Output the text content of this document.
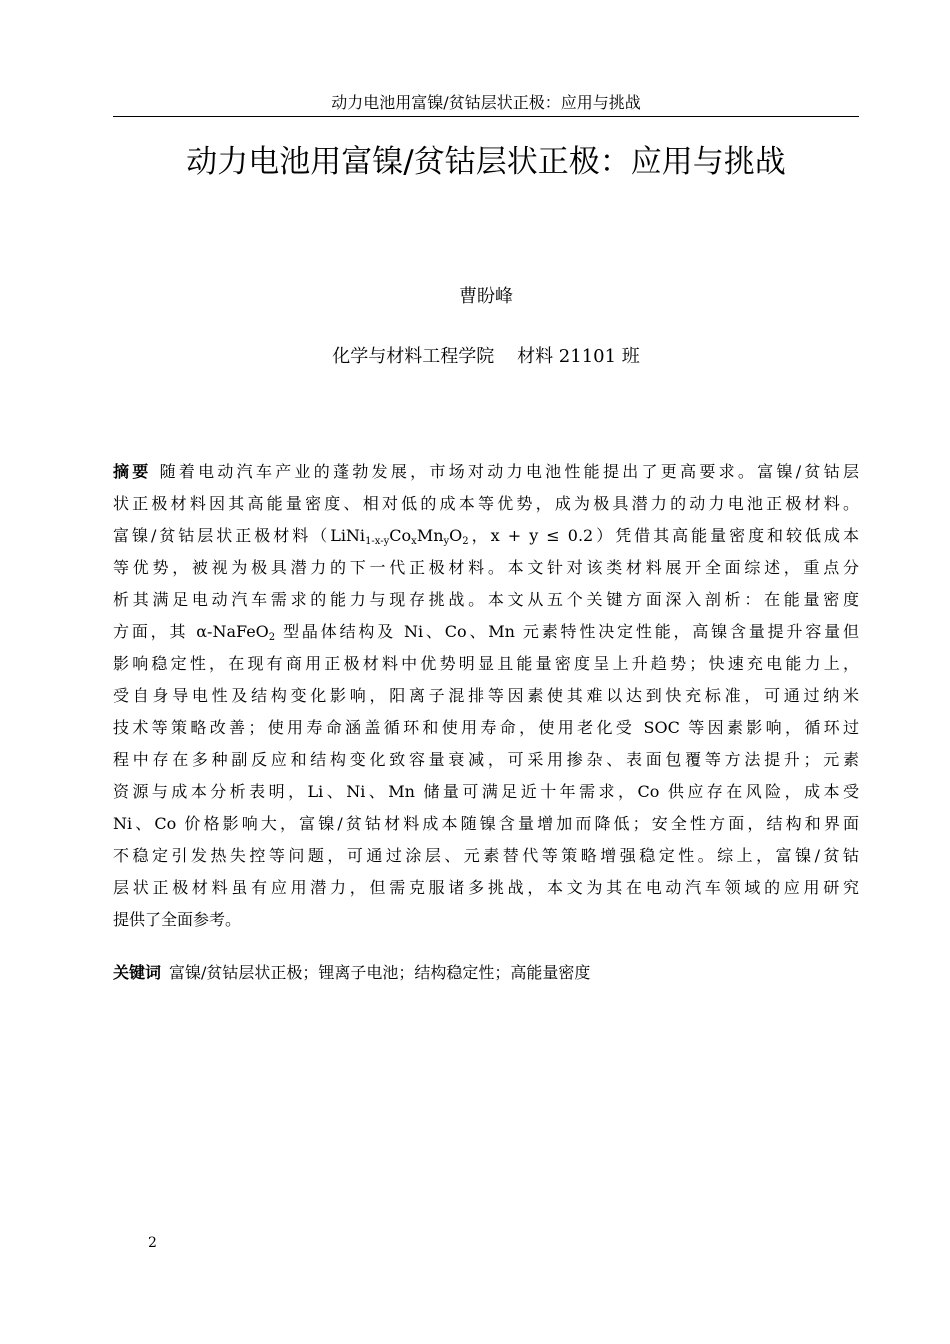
动力电池用富镍/贫钴层状正极：应用与挑战
动力电池用富镍/贫钴层状正极：应用与挑战
曹盼峰
化学与材料工程学院    材料 21101 班
摘要 随着电动汽车产业的蓬勃发展，市场对动力电池性能提出了更高要求。富镍/贫钴层
状正极材料因其高能量密度、相对低的成本等优势，成为极具潜力的动力电池正极材料。
富镍/贫钴层状正极材料（$LiNi_{1-x-y}Co_xMn_yO_2$，x + y ≤ 0.2）凭借其高能量密度和较低成本
等优势，被视为极具潜力的下一代正极材料。本文针对该类材料展开全面综述，重点分
析其满足电动汽车需求的能力与现存挑战。本文从五个关键方面深入剖析：在能量密度
方面，其 α-NaFeO$_2$ 型晶体结构及 Ni、Co、Mn 元素特性决定性能，高镍含量提升容量但
影响稳定性，在现有商用正极材料中优势明显且能量密度呈上升趋势；快速充电能力上，
受自身导电性及结构变化影响，阳离子混排等因素使其难以达到快充标准，可通过纳米
技术等策略改善；使用寿命涵盖循环和使用寿命，使用老化受 SOC 等因素影响，循环过
程中存在多种副反应和结构变化致容量衰减，可采用掺杂、表面包覆等方法提升；元素
资源与成本分析表明，Li、Ni、Mn 储量可满足近十年需求，Co 供应存在风险，成本受
Ni、Co 价格影响大，富镍/贫钴材料成本随镍含量增加而降低；安全性方面，结构和界面
不稳定引发热失控等问题，可通过涂层、元素替代等策略增强稳定性。综上，富镍/贫钴
层状正极材料虽有应用潜力，但需克服诸多挑战，本文为其在电动汽车领域的应用研究
提供了全面参考。
关键词 富镍/贫钴层状正极；锂离子电池；结构稳定性；高能量密度
2
